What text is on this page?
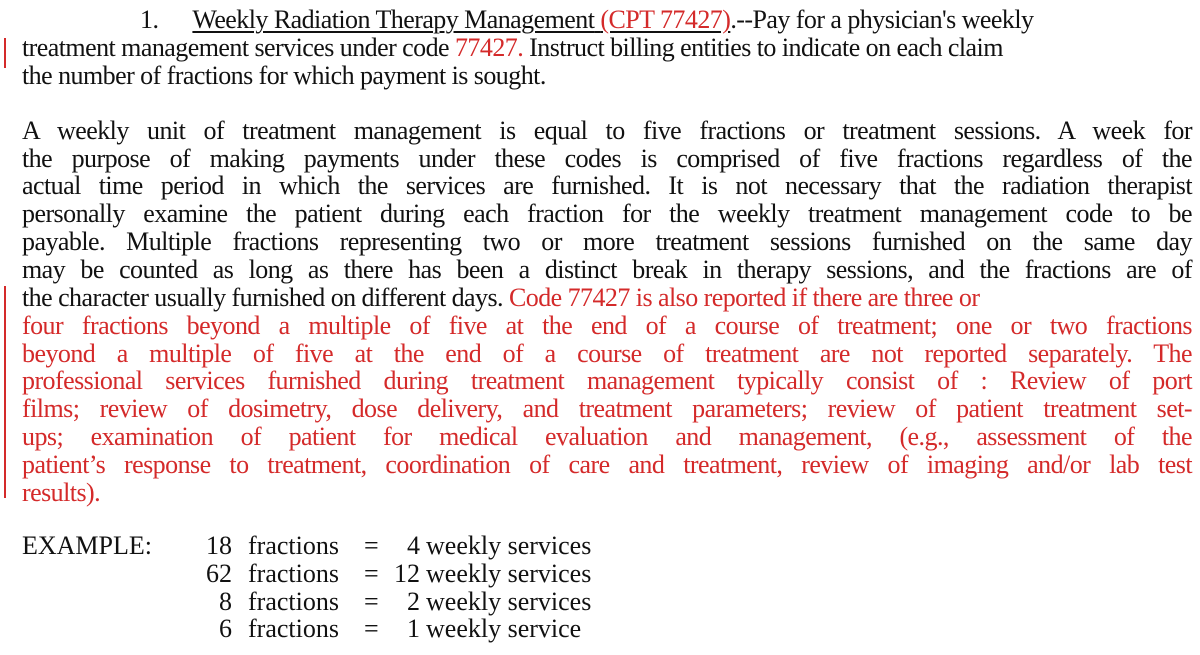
1. Weekly Radiation Therapy Management (CPT 77427).--Pay for a physician's weekly
treatment management services under code 77427. Instruct billing entities to indicate on each claim
the number of fractions for which payment is sought.
A weekly unit of treatment management is equal to five fractions or treatment sessions. A week for
the purpose of making payments under these codes is comprised of five fractions regardless of the
actual time period in which the services are furnished. It is not necessary that the radiation therapist
personally examine the patient during each fraction for the weekly treatment management code to be
payable. Multiple fractions representing two or more treatment sessions furnished on the same day
may be counted as long as there has been a distinct break in therapy sessions, and the fractions are of
the character usually furnished on different days. Code 77427 is also reported if there are three or
four fractions beyond a multiple of five at the end of a course of treatment; one or two fractions
beyond a multiple of five at the end of a course of treatment are not reported separately. The
professional services furnished during treatment management typically consist of : Review of port
films; review of dosimetry, dose delivery, and treatment parameters; review of patient treatment set-
ups; examination of patient for medical evaluation and management, (e.g., assessment of the
patient’s response to treatment, coordination of care and treatment, review of imaging and/or lab test
results).
EXAMPLE: 18 fractions = 4 weekly services
62 fractions = 12 weekly services
8 fractions = 2 weekly services
6 fractions = 1 weekly service
